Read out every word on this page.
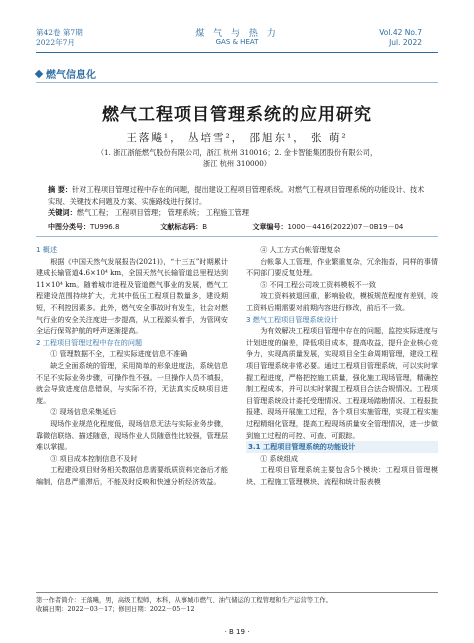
第42卷 第7期
2022年7月
煤 气 与 热 力
GAS & HEAT
Vol.42 No.7
Jul. 2022
燃气信息化
燃气工程项目管理系统的应用研究
王落飚¹， 丛培雪²， 邵旭东¹， 张 萌²
（1. 浙江浙能燃气股份有限公司，浙江 杭州 310016；2. 金卡智能集团股份有限公司，
浙江 杭州 310000）
摘 要：针对工程项目管理过程中存在的问题，提出建设工程项目管理系统。对燃气工程项目管理系统的功能设计、技术实现、关键技术问题及方案、实施路线进行探讨。
关键词：燃气工程； 工程项目管理； 管理系统； 工程施工管理
中图分类号：TU996.8	文献标志码：B	文章编号：1000－4416(2022)07－0B19－04

1 概述

根据《中国天然气发展报告(2021)》，“十三五”时期累计建成长输管道4.6×10⁴ km，全国天然气长输管道总里程达到11×10⁴ km。随着城市进程及管道燃气事业的发展，燃气工程建设范围持续扩大，尤其中低压工程项目数量多，建设期短，不利控因素多。此外，燃气安全事故时有发生，社会对燃气行业的安全关注度进一步提高，从工程源头着手，为管网安全运行保驾护航的呼声逐渐提高。

2 工程项目管理过程中存在的问题

① 管理数据不全，工程实际进度信息不准确

缺乏全面系统的管理，采用简单的形象进度法，系统信息不足不实际业务步骤，可操作性不强。一旦操作人员不填报，就会导致进度信息错误，与实际不符，无法真实反映项目进度。

② 现场信息采集延后

现场作业规范化程度低，现场信息无法与实际业务步骤，靠微信联络、描述随意，现场作业人员随意性比较强，管理层难以掌握。

③ 项目成本控制信息不及时

工程建设项目财务相关数据信息需要纸质资料完备后才能编制，信息严重滞后，不能及时反映和快速分析经济效益。

④ 人工方式台帐管理复杂

台帐靠人工管理，作业繁重复杂，冗余拖沓，同样的事情不同部门要反复处理。

⑤ 不同工程公司竣工资料模板不一致

竣工资料被退回重，影响验收，模板规范程度有差别，竣工资料后期需要对前期内容进行修改，前后不一致。

3 燃气工程项目管理系统设计

为有效解决工程项目管理中存在的问题，监控实际进度与计划进度的偏差，降低项目成本，提高收益，提升企业核心竞争力，实现高质量发展，实现项目全生命周期管理，建设工程项目管理系统非常必要。通过工程项目管理系统，可以实时掌握工程进度，严格把控施工质量，强化施工现场管理，精确控制工程成本，并可以实时掌握工程项目合法合规情况。工程项目管理系统设计委托受理情况、工程现场踏勘情况、工程报批报建、现场开展施工过程，各个项目实施管理，实现工程实施过程精细化管理，提高工程现场质量安全管理情况，进一步做到施工过程的可控、可查、可跟踪。

3.1 工程项目管理系统的功能设计

① 系统组成

工程项目管理系统主要包含5个模块：工程项目管理模块、工程施工管理模块、流程和统计报表模

第一作者简介：王落飚，男，高级工程师，本科，从事城市燃气、油气储运的工程管理和生产运营等工作。
收稿日期：2022－03－17；修回日期：2022－05－12
· B 19 ·
